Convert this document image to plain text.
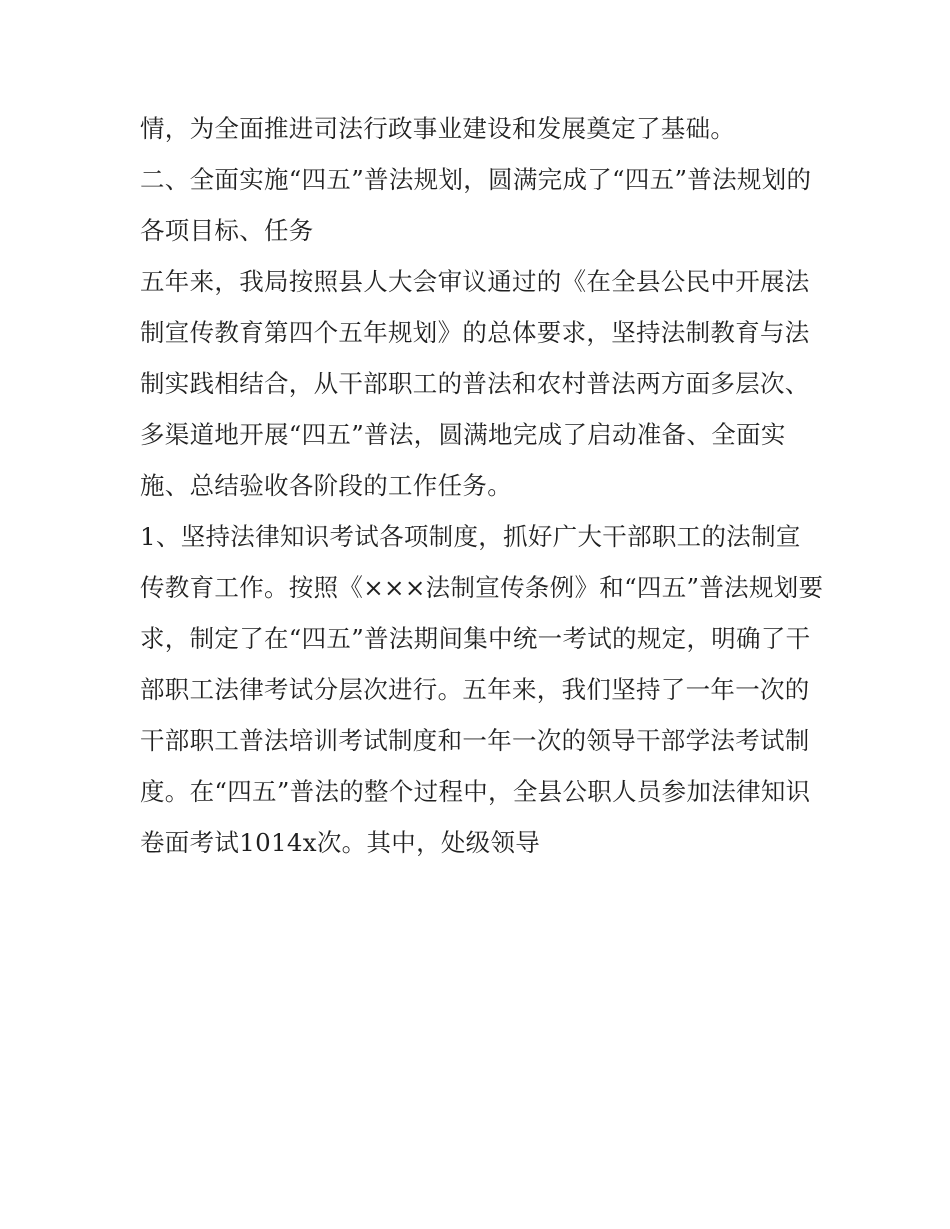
情，为全面推进司法行政事业建设和发展奠定了基础。
二、全面实施“四五”普法规划，圆满完成了“四五”普法规划的
各项目标、任务
五年来，我局按照县人大会审议通过的《在全县公民中开展法
制宣传教育第四个五年规划》的总体要求，坚持法制教育与法
制实践相结合，从干部职工的普法和农村普法两方面多层次、
多渠道地开展“四五”普法，圆满地完成了启动准备、全面实
施、总结验收各阶段的工作任务。
1、坚持法律知识考试各项制度，抓好广大干部职工的法制宣
传教育工作。按照《×××法制宣传条例》和“四五”普法规划要
求，制定了在“四五”普法期间集中统一考试的规定，明确了干
部职工法律考试分层次进行。五年来，我们坚持了一年一次的
干部职工普法培训考试制度和一年一次的领导干部学法考试制
度。在“四五”普法的整个过程中，全县公职人员参加法律知识
卷面考试1014x次。其中，处级领导
